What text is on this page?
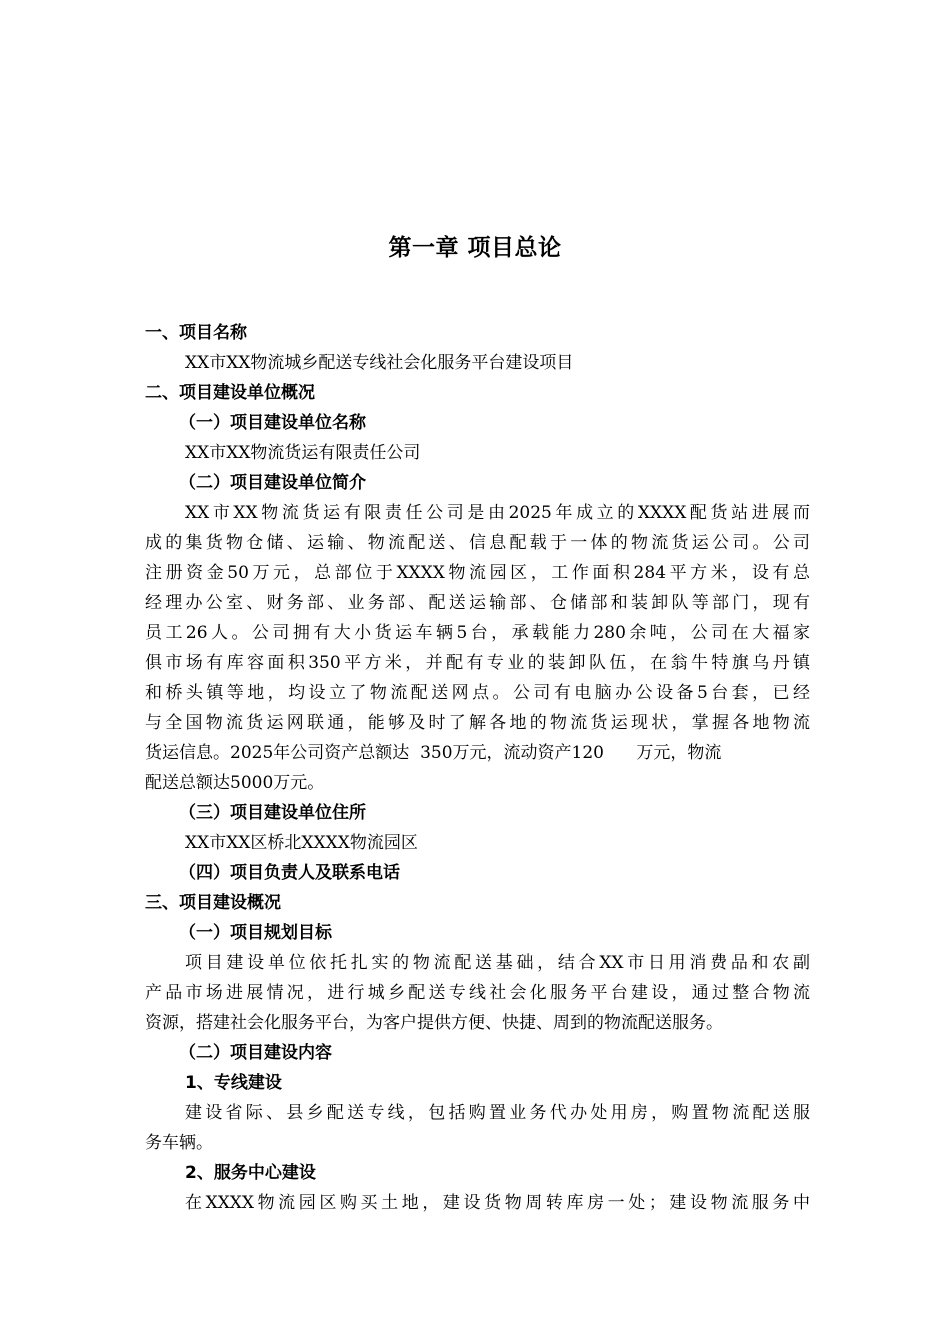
第一章 项目总论
一、项目名称
XX市XX物流城乡配送专线社会化服务平台建设项目
二、项目建设单位概况
（一）项目建设单位名称
XX市XX物流货运有限责任公司
（二）项目建设单位简介
XX市XX物流货运有限责任公司是由2025年成立的XXXX配货站进展而
成的集货物仓储、运输、物流配送、信息配载于一体的物流货运公司。公司
注册资金50万元，总部位于XXXX物流园区，工作面积284平方米，设有总
经理办公室、财务部、业务部、配送运输部、仓储部和装卸队等部门，现有
员工26人。公司拥有大小货运车辆5台，承载能力280余吨，公司在大福家
俱市场有库容面积350平方米，并配有专业的装卸队伍，在翁牛特旗乌丹镇
和桥头镇等地，均设立了物流配送网点。公司有电脑办公设备5台套，已经
与全国物流货运网联通，能够及时了解各地的物流货运现状，掌握各地物流
货运信息。2025年公司资产总额达  350万元，流动资产120      万元，物流
配送总额达5000万元。
（三）项目建设单位住所
XX市XX区桥北XXXX物流园区
（四）项目负责人及联系电话
三、项目建设概况
（一）项目规划目标
项目建设单位依托扎实的物流配送基础，结合XX市日用消费品和农副
产品市场进展情况，进行城乡配送专线社会化服务平台建设，通过整合物流
资源，搭建社会化服务平台，为客户提供方便、快捷、周到的物流配送服务。
（二）项目建设内容
1、专线建设
建设省际、县乡配送专线，包括购置业务代办处用房，购置物流配送服
务车辆。
2、服务中心建设
在XXXX物流园区购买土地，建设货物周转库房一处；建设物流服务中
